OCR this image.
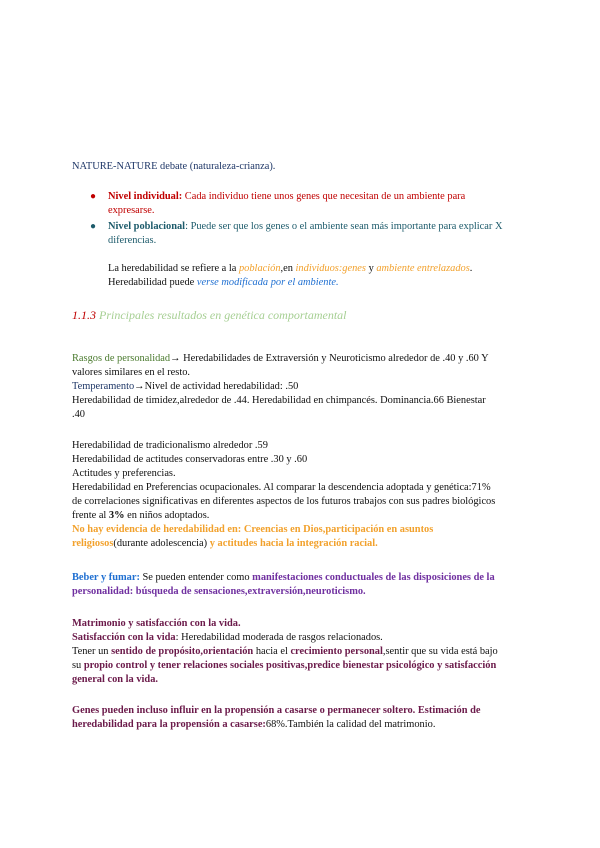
NATURE-NATURE debate (naturaleza-crianza).
● Nivel individual: Cada individuo tiene unos genes que necesitan de un ambiente para
expresarse.
● Nivel poblacional: Puede ser que los genes o el ambiente sean más importante para explicar X
diferencias.
La heredabilidad se refiere a la población,en individuos:genes y ambiente entrelazados.
Heredabilidad puede verse modificada por el ambiente.
1.1.3 Principales resultados en genética comportamental
Rasgos de personalidad→ Heredabilidades de Extraversión y Neuroticismo alrededor de .40 y .60 Y
valores similares en el resto.
Temperamento→Nivel de actividad heredabilidad: .50
Heredabilidad de timidez,alrededor de .44. Heredabilidad en chimpancés. Dominancia.66 Bienestar
.40
Heredabilidad de tradicionalismo alrededor .59
Heredabilidad de actitudes conservadoras entre .30 y .60
Actitudes y preferencias.
Heredabilidad en Preferencias ocupacionales. Al comparar la descendencia adoptada y genética:71%
de correlaciones significativas en diferentes aspectos de los futuros trabajos con sus padres biológicos
frente al 3% en niños adoptados.
No hay evidencia de heredabilidad en: Creencias en Dios,participación en asuntos
religiosos(durante adolescencia) y actitudes hacia la integración racial.
Beber y fumar: Se pueden entender como manifestaciones conductuales de las disposiciones de la
personalidad: búsqueda de sensaciones,extraversión,neuroticismo.
Matrimonio y satisfacción con la vida.
Satisfacción con la vida: Heredabilidad moderada de rasgos relacionados.
Tener un sentido de propósito,orientación hacia el crecimiento personal,sentir que su vida está bajo
su propio control y tener relaciones sociales positivas,predice bienestar psicológico y satisfacción
general con la vida.
Genes pueden incluso influir en la propensión a casarse o permanecer soltero. Estimación de
heredabilidad para la propensión a casarse:68%.También la calidad del matrimonio.
